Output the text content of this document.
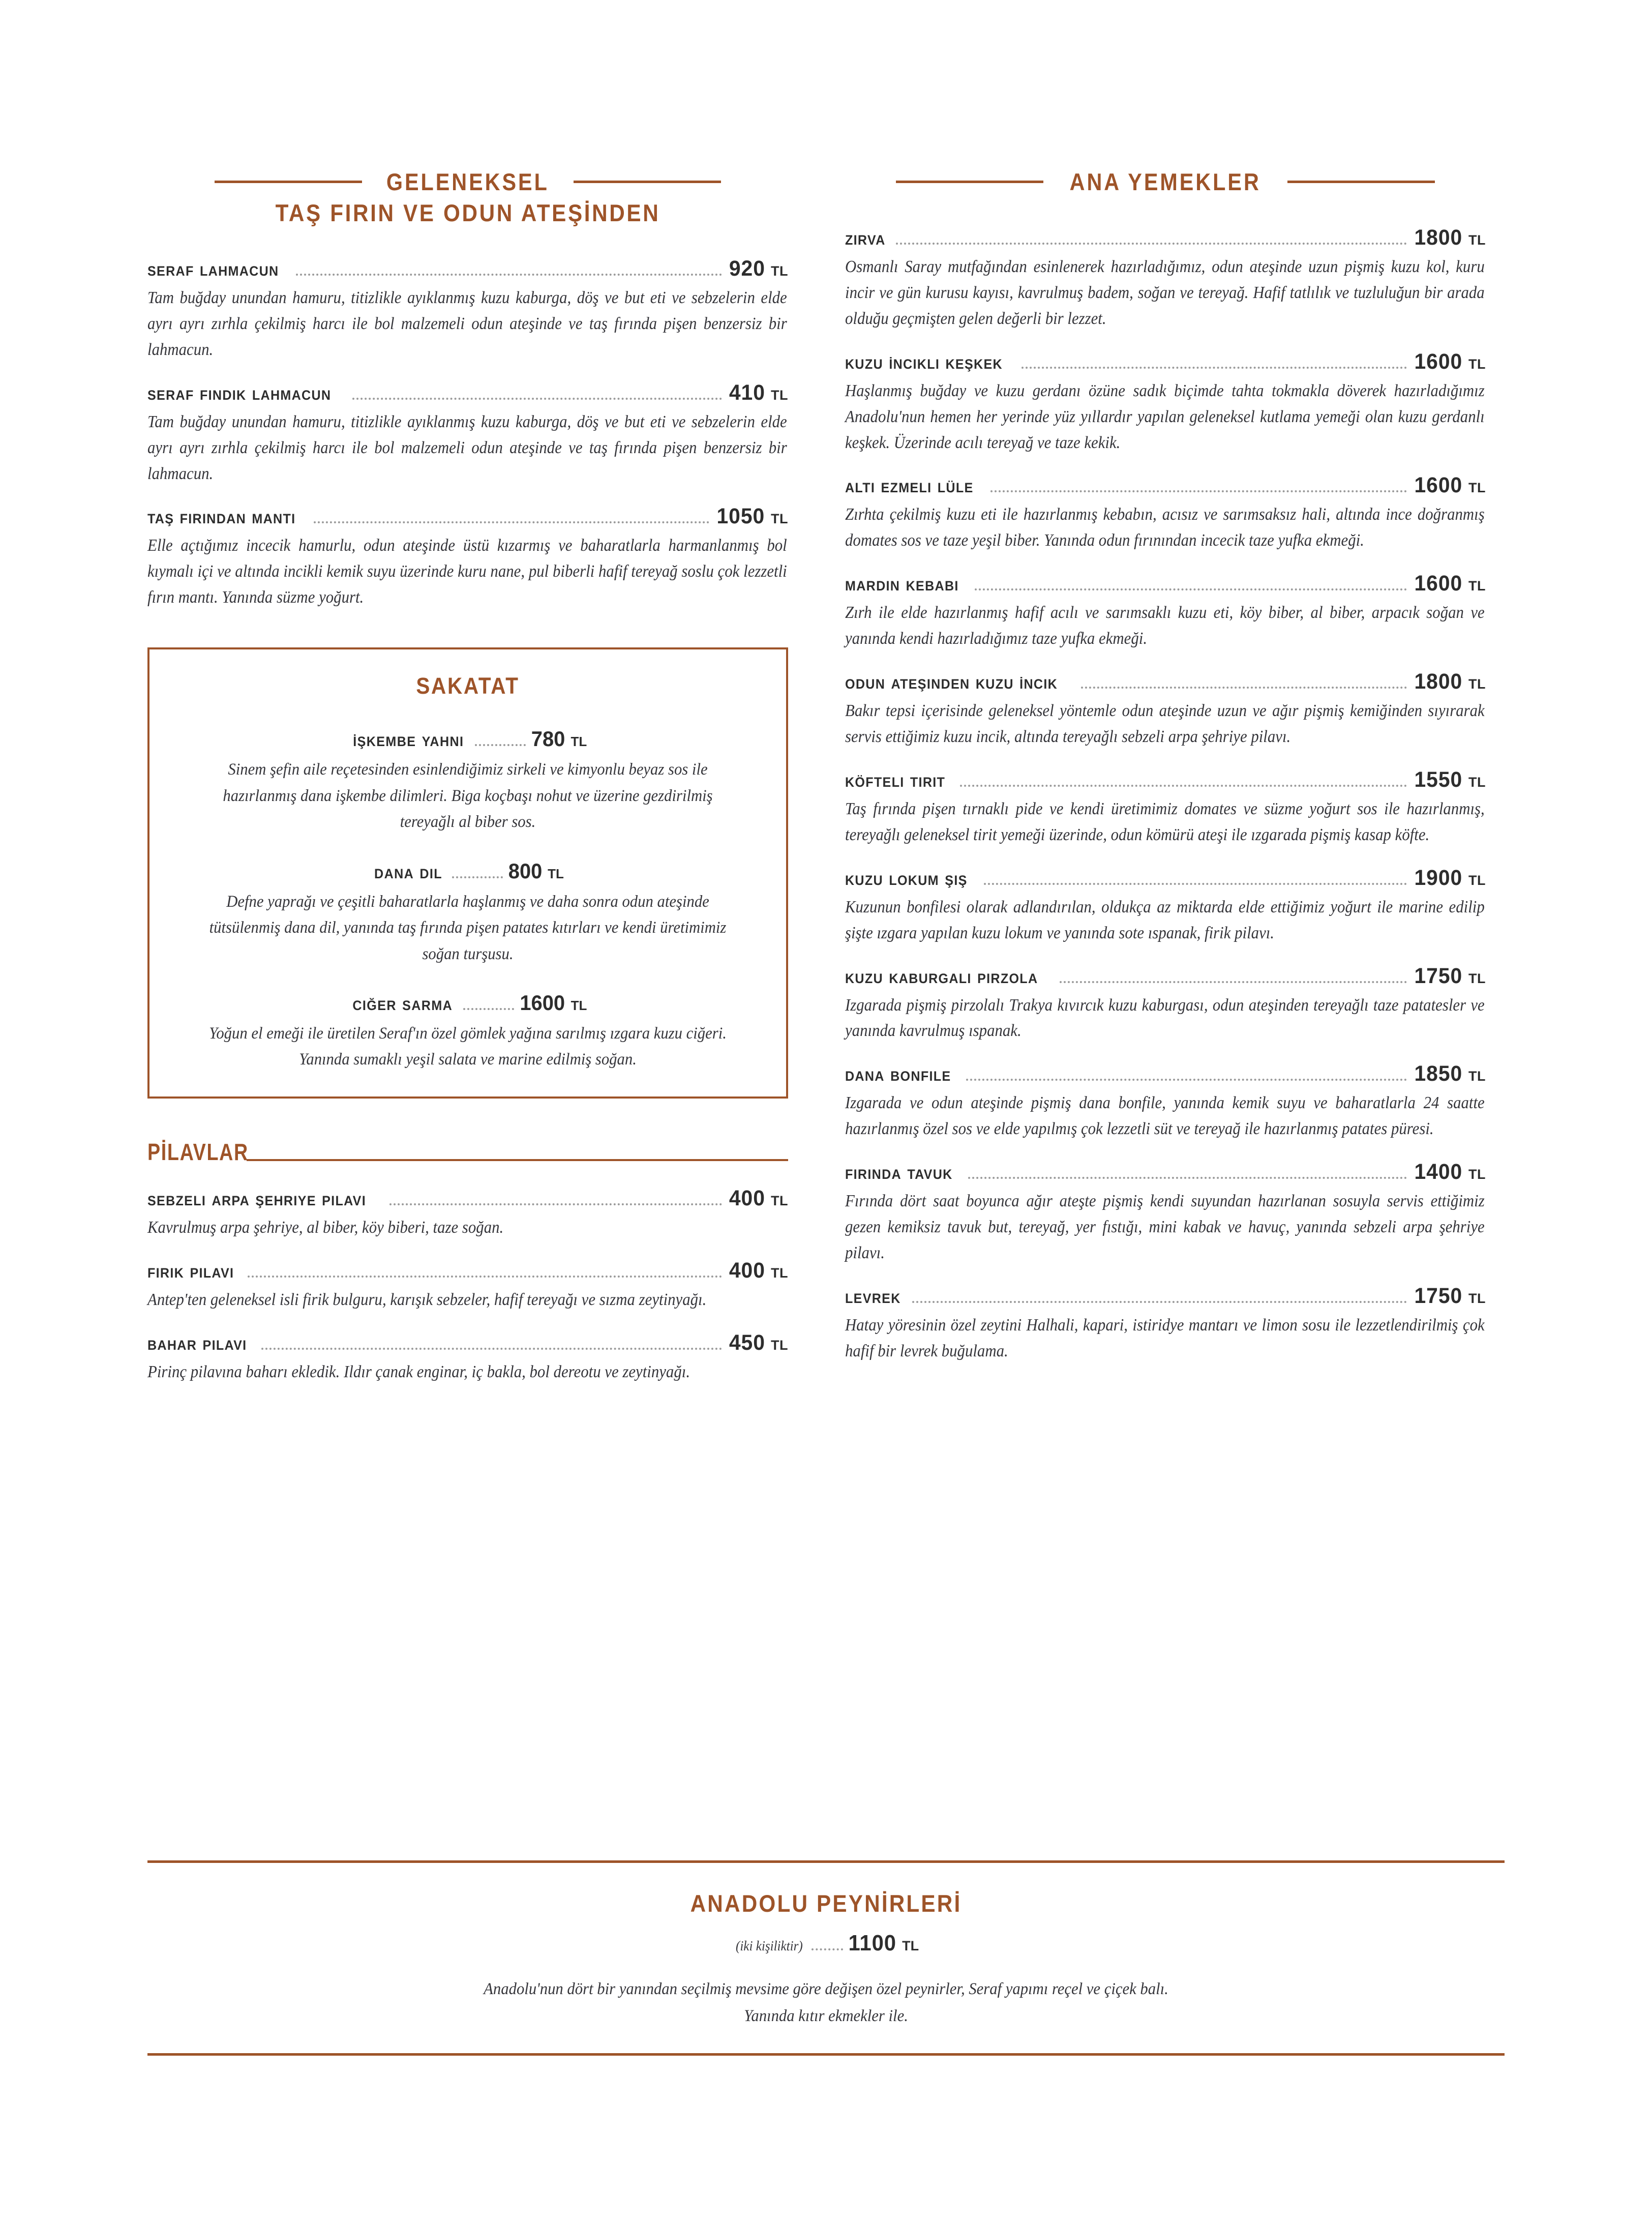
GELENEKSEL
TAŞ FIRIN VE ODUN ATEŞİNDEN
seraf lahmacun	920 TL
Tam buğday unundan hamuru, titizlikle ayıklanmış kuzu kaburga, döş ve but eti ve sebzelerin elde ayrı ayrı zırhla çekilmiş harcı ile bol malzemeli odun ateşinde ve taş fırında pişen benzersiz bir lahmacun.
seraf fındık lahmacun	410 TL
Tam buğday unundan hamuru, titizlikle ayıklanmış kuzu kaburga, döş ve but eti ve sebzelerin elde ayrı ayrı zırhla çekilmiş harcı ile bol malzemeli odun ateşinde ve taş fırında pişen benzersiz bir lahmacun.
taş fırından mantı	1050 TL
Elle açtığımız incecik hamurlu, odun ateşinde üstü kızarmış ve baharatlarla harmanlanmış bol kıymalı içi ve altında incikli kemik suyu üzerinde kuru nane, pul biberli hafif tereyağ soslu çok lezzetli fırın mantı. Yanında süzme yoğurt.
SAKATAT
i̇şkembe yahni	780 TL
Sinem şefin aile reçetesinden esinlendiğimiz sirkeli ve kimyonlu beyaz sos ile hazırlanmış dana işkembe dilimleri. Biga koçbaşı nohut ve üzerine gezdirilmiş tereyağlı al biber sos.
dana dil	800 TL
Defne yaprağı ve çeşitli baharatlarla haşlanmış ve daha sonra odun ateşinde tütsülenmiş dana dil, yanında taş fırında pişen patates kıtırları ve kendi üretimimiz soğan turşusu.
ciğer sarma	1600 TL
Yoğun el emeği ile üretilen Seraf'ın özel gömlek yağına sarılmış ızgara kuzu ciğeri. Yanında sumaklı yeşil salata ve marine edilmiş soğan.
PİLAVLAR
sebzeli arpa şehriye pilavı	400 TL
Kavrulmuş arpa şehriye, al biber, köy biberi, taze soğan.
firik pilavı	400 TL
Antep'ten geleneksel isli firik bulguru, karışık sebzeler, hafif tereyağı ve sızma zeytinyağı.
bahar pilavı	450 TL
Pirinç pilavına baharı ekledik. Ildır çanak enginar, iç bakla, bol dereotu ve zeytinyağı.
ANA YEMEKLER
zirva	1800 TL
Osmanlı Saray mutfağından esinlenerek hazırladığımız, odun ateşinde uzun pişmiş kuzu kol, kuru incir ve gün kurusu kayısı, kavrulmuş badem, soğan ve tereyağ. Hafif tatlılık ve tuzluluğun bir arada olduğu geçmişten gelen değerli bir lezzet.
kuzu i̇ncikli keşkek	1600 TL
Haşlanmış buğday ve kuzu gerdanı özüne sadık biçimde tahta tokmakla döverek hazırladığımız Anadolu'nun hemen her yerinde yüz yıllardır yapılan geleneksel kutlama yemeği olan kuzu gerdanlı keşkek. Üzerinde acılı tereyağ ve taze kekik.
altı ezmeli lüle	1600 TL
Zırhta çekilmiş kuzu eti ile hazırlanmış kebabın, acısız ve sarımsaksız hali, altında ince doğranmış domates sos ve taze yeşil biber. Yanında odun fırınından incecik taze yufka ekmeği.
mardin kebabı	1600 TL
Zırh ile elde hazırlanmış hafif acılı ve sarımsaklı kuzu eti, köy biber, al biber, arpacık soğan ve yanında kendi hazırladığımız taze yufka ekmeği.
odun ateşinden kuzu i̇ncik	1800 TL
Bakır tepsi içerisinde geleneksel yöntemle odun ateşinde uzun ve ağır pişmiş kemiğinden sıyırarak servis ettiğimiz kuzu incik, altında tereyağlı sebzeli arpa şehriye pilavı.
köfteli tirit	1550 TL
Taş fırında pişen tırnaklı pide ve kendi üretimimiz domates ve süzme yoğurt sos ile hazırlanmış, tereyağlı geleneksel tirit yemeği üzerinde, odun kömürü ateşi ile ızgarada pişmiş kasap köfte.
kuzu lokum şiş	1900 TL
Kuzunun bonfilesi olarak adlandırılan, oldukça az miktarda elde ettiğimiz yoğurt ile marine edilip şişte ızgara yapılan kuzu lokum ve yanında sote ıspanak, firik pilavı.
kuzu kaburgalı pirzola	1750 TL
Izgarada pişmiş pirzolalı Trakya kıvırcık kuzu kaburgası, odun ateşinden tereyağlı taze patatesler ve yanında kavrulmuş ıspanak.
dana bonfile	1850 TL
Izgarada ve odun ateşinde pişmiş dana bonfile, yanında kemik suyu ve baharatlarla 24 saatte hazırlanmış özel sos ve elde yapılmış çok lezzetli süt ve tereyağ ile hazırlanmış patates püresi.
fırında tavuk	1400 TL
Fırında dört saat boyunca ağır ateşte pişmiş kendi suyundan hazırlanan sosuyla servis ettiğimiz gezen kemiksiz tavuk but, tereyağ, yer fıstığı, mini kabak ve havuç, yanında sebzeli arpa şehriye pilavı.
levrek	1750 TL
Hatay yöresinin özel zeytini Halhali, kapari, istiridye mantarı ve limon sosu ile lezzetlendirilmiş çok hafif bir levrek buğulama.
ANADOLU PEYNİRLERİ
(iki kişiliktir) 1100 TL
Anadolu'nun dört bir yanından seçilmiş mevsime göre değişen özel peynirler, Seraf yapımı reçel ve çiçek balı.
Yanında kıtır ekmekler ile.
